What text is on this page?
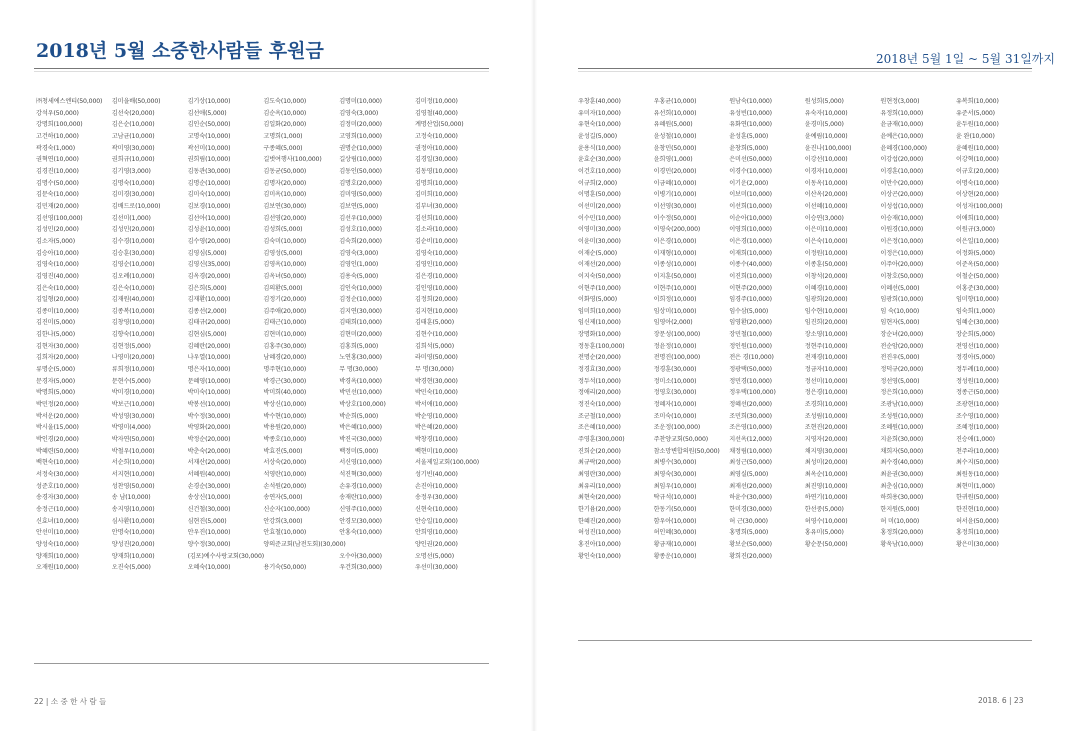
2018년 5월 소중한사람들 후원금	2018년 5월 1일 ~ 5월 31일까지
㈜청세에스엔티(50,000)	김미을배(50,000)	김기상(10,000)	김도숙(10,000)	김명미(10,000)	김미정(10,000)
강석우(50,000)	김선숙(20,000)	김선애(5,000)	김순옥(10,000)	김영숙(3,000)	김영철(40,000)
강명희(100,000)	김은순(10,000)	김인순(50,000)	김일화(20,000)	김정미(20,000)	계명산업(50,000)
고건하(10,000)	고남균(10,000)	고명숙(10,000)	고명희(1,000)	고영희(10,000)	고정숙(10,000)
곽경숙(1,000)	곽미영(30,000)	곽선미(10,000)	구종혜(5,000)	권명순(10,000)	권정아(10,000)
권혁연(10,000)	권희규(10,000)	권희림(10,000)	길벗여행사(100,000)	길상림(10,000)	김경일(30,000)
김경진(10,000)	김기영(3,000)	김동관(30,000)	김동균(50,000)	김동인(50,000)	김동영(10,000)
김명수(50,000)	김명숙(10,000)	김명순(10,000)	김명자(20,000)	김명호(20,000)	김명희(10,000)
김문숙(10,000)	김미경(30,000)	김미숙(10,000)	김미옥(10,000)	김미영(50,000)	김미희(10,000)
김민재(20,000)	김배드로(10,000)	김보경(10,000)	김보연(30,000)	김보연(5,000)	김부녀(30,000)
김선영(100,000)	김선미(1,000)	김선아(10,000)	김선영(20,000)	김선우(10,000)	김선희(10,000)
김성민(20,000)	김성민(20,000)	김성윤(10,000)	김성희(5,000)	김성호(10,000)	김소라(10,000)
김소자(5,000)	김수경(10,000)	김수영(20,000)	김숙미(10,000)	김숙희(20,000)	김순비(10,000)
김승아(10,000)	김승훈(30,000)	김영심(5,000)	김영성(5,000)	김영숙(3,000)	김영숙(10,000)
김영숙(10,000)	김영순(10,000)	김영신(35,000)	김영옥(10,000)	김영인(1,000)	김영인(10,000)
김영진(40,000)	김오례(10,000)	김옥경(20,000)	김옥녀(50,000)	김용숙(5,000)	김은경(10,000)
김은숙(10,000)	김은숙(10,000)	김은희(5,000)	김의환(5,000)	김인숙(10,000)	김인영(10,000)
김일형(20,000)	김재원(40,000)	김재환(10,000)	김정기(20,000)	김정순(10,000)	김정희(20,000)
김종미(10,000)	김종복(10,000)	김종선(2,000)	김주애(20,000)	김지연(30,000)	김지현(10,000)
김진미(5,000)	김창영(10,000)	김태규(20,000)	김태근(10,000)	김태희(10,000)	김태훈(5,000)
김한나(5,000)	김향숙(10,000)	김현심(5,000)	김현미(10,000)	김현미(20,000)	김현수(10,000)
김현자(30,000)	김현정(5,000)	김혜란(20,000)	김홍주(30,000)	김홍희(5,000)	김희석(5,000)
김희자(20,000)	나영미(20,000)	나우열(10,000)	남혜경(20,000)	노연홍(30,000)	라미영(50,000)
류명순(5,000)	류희정(10,000)	명은자(10,000)	명주현(10,000)	무 명(30,000)	무 명(30,000)
문경자(5,000)	문현수(5,000)	문혜영(10,000)	박경근(30,000)	박경옥(10,000)	박경현(30,000)
박명희(5,000)	박미경(10,000)	박미숙(10,000)	박미희(40,000)	박민선(10,000)	박민숙(10,000)
박민정(20,000)	박보근(10,000)	박봉선(10,000)	박상신(10,000)	박상호(100,000)	박서애(10,000)
박서운(20,000)	박성영(30,000)	박수정(30,000)	박수현(10,000)	박순희(5,000)	박순영(10,000)
박시울(15,000)	박영미(4,000)	박영화(20,000)	박용원(20,000)	박은혜(10,000)	박은혜(20,000)
박인경(20,000)	박자연(50,000)	박정순(20,000)	박종호(10,000)	박진국(30,000)	박창경(10,000)
박혜련(50,000)	박철우(10,000)	박춘숙(20,000)	박효진(5,000)	백정미(5,000)	백현미(10,000)
백현숙(10,000)	서순희(10,000)	서재산(20,000)	서상숙(20,000)	서신영(10,000)	서울제일교회(100,000)
서정숙(30,000)	서지현(10,000)	서혜원(40,000)	석영란(10,000)	석진혁(30,000)	성기빈(40,000)
성준호(10,000)	성찬영(50,000)	손경순(30,000)	손석원(20,000)	손유경(10,000)	손진아(10,000)
송경자(30,000)	송 남(10,000)	송상신(10,000)	송연자(5,000)	송재란(10,000)	송정우(30,000)
송정근(10,000)	송지영(10,000)	신건철(30,000)	신순자(100,000)	신영주(10,000)	신현숙(10,000)
신효녀(10,000)	심사환(10,000)	심현진(5,000)	안강희(3,000)	안경모(30,000)	안승일(10,000)
안선미(10,000)	안명숙(10,000)	안우진(10,000)	안효철(10,000)	안홍숙(10,000)	안희영(10,000)
양성숙(10,000)	양성진(20,000)	양수정(30,000)	양의준교회(남전도회)(30,000)	양인권(20,000)
양재희(10,000)	양재희(10,000)	(김포)예수사랑교회(30,000)	오수아(30,000)	오명선(5,000)
오재원(10,000)	오진숙(5,000)	오혜숙(10,000)	용기숙(50,000)	우건희(30,000)	우선미(30,000)
우창훈(40,000)	우홍균(10,000)	원남숙(10,000)	원성희(5,000)	원현정(3,000)	유복희(10,000)
유미자(10,000)	유선희(10,000)	유성빈(10,000)	유숙자(10,000)	유정희(10,000)	유준서(5,000)
유현숙(10,000)	유혜원(5,000)	유화연(10,000)	윤경미(5,000)	윤금재(10,000)	윤두원(10,000)
윤성길(5,000)	윤성철(10,000)	윤성훈(5,000)	윤예림(10,000)	윤예은(10,000)	윤 완(10,000)
윤용식(10,000)	윤창민(50,000)	윤창희(5,000)	윤진나(100,000)	윤혜경(100,000)	윤혜원(10,000)
윤효순(30,000)	윤희영(1,000)	은미선(50,000)	이강선(10,000)	이강섭(20,000)	이강혁(10,000)
이건호(10,000)	이경민(20,000)	이경수(10,000)	이경자(10,000)	이경훈(10,000)	이규호(20,000)
이규희(2,000)	이금혜(10,000)	이기운(2,000)	이동옥(10,000)	이만수(20,000)	이명숙(10,000)
이명훈(50,000)	이병기(10,000)	이보미(10,000)	이산옥(20,000)	이상곤(20,000)	이상현(20,000)
이선미(20,000)	이선영(30,000)	이선희(10,000)	이선혜(10,000)	이성섭(10,000)	이성자(100,000)
이수민(10,000)	이수정(50,000)	이순아(10,000)	이승연(3,000)	이승재(10,000)	이애희(10,000)
이영미(30,000)	이영숙(200,000)	이영희(10,000)	이은미(10,000)	이원경(10,000)	이원규(3,000)
이윤미(30,000)	이은경(10,000)	이은경(10,000)	이은숙(10,000)	이은정(10,000)	이은일(10,000)
이재순(5,000)	이재형(10,000)	이재희(10,000)	이정원(10,000)	이정은(10,000)	이정화(5,000)
이재선(20,000)	이종성(10,000)	이종수(40,000)	이종훈(50,000)	이주아(20,000)	이준옥(50,000)
이지숙(50,000)	이지훈(50,000)	이진희(10,000)	이창석(20,000)	이창호(50,000)	이철순(50,000)
이현주(10,000)	이현주(10,000)	이현주(20,000)	이혜경(10,000)	이혜선(5,000)	이홍준(30,000)
이화영(5,000)	이희정(10,000)	임경주(10,000)	임광희(20,000)	임광희(10,000)	임미향(10,000)
임미희(10,000)	임상미(10,000)	임수삼(5,000)	임수현(10,000)	임 숙(10,000)	임숙희(1,000)
임신제(10,000)	임영아(2,000)	임영환(20,000)	임진희(20,000)	임현자(5,000)	임혜순(30,000)
장명화(10,000)	장문성(100,000)	장민철(10,000)	장소영(10,000)	장순녀(20,000)	장순희(5,000)
정동훈(100,000)	정윤정(10,000)	정인원(10,000)	정현주(10,000)	전순암(20,000)	전영선(10,000)
전명순(20,000)	전명진(100,000)	전은 경(10,000)	전재경(10,000)	전진우(5,000)	정경아(5,000)
정경효(30,000)	정경훈(30,000)	정광택(50,000)	정금자(10,000)	정덕규(20,000)	정두례(10,000)
정두석(10,000)	정미소(10,000)	정민경(10,000)	정선미(10,000)	정선영(5,000)	정성원(10,000)
정애리(20,000)	정영호(30,000)	정우택(100,000)	정은경(10,000)	정은희(10,000)	정종근(50,000)
정진숙(10,000)	정혜자(10,000)	정혜선(20,000)	조경희(10,000)	조광남(10,000)	조광현(10,000)
조군철(10,000)	조미숙(10,000)	조민희(30,000)	조성림(10,000)	조성원(10,000)	조수영(10,000)
조은혜(10,000)	조운정(100,000)	조은영(10,000)	조현진(20,000)	조혜원(10,000)	조혜정(10,000)
주영훈(300,000)	주찬양교회(50,000)	지선옥(12,000)	지영자(20,000)	지윤희(30,000)	진승애(1,000)
진희순(20,000)	참소망변합의원(50,000)	채정림(10,000)	채지영(30,000)	채희자(50,000)	천주라(10,000)
최규락(20,000)	최병수(30,000)	최성근(50,000)	최성미(20,000)	최수경(40,000)	최수지(50,000)
최영란(30,000)	최영숙(30,000)	최영실(5,000)	최옥순(10,000)	최윤권(30,000)	최원동(10,000)
최유리(10,000)	최임우(10,000)	최재선(20,000)	최진영(10,000)	최춘심(10,000)	최현미(1,000)
최현숙(20,000)	탁규석(10,000)	하윤수(30,000)	하연기(10,000)	하희용(30,000)	한귀원(50,000)
한기윰(20,000)	한동기(50,000)	한미경(30,000)	한선중(5,000)	한지원(5,000)	한진현(10,000)
한혜진(20,000)	함우아(10,000)	허 근(30,000)	허영수(10,000)	허 미(10,000)	허서윤(50,000)
허성진(10,000)	허인혜(30,000)	홍명희(5,000)	홍유미(5,000)	홍정희(20,000)	홍정희(10,000)
홍진아(10,000)	황금재(10,000)	황보순(50,000)	황순문(50,000)	황욱남(10,000)	황은미(30,000)
황인숙(10,000)	황종운(10,000)	황희진(20,000)
22 | 소 중 한 사 람 들	2018. 6 | 23
